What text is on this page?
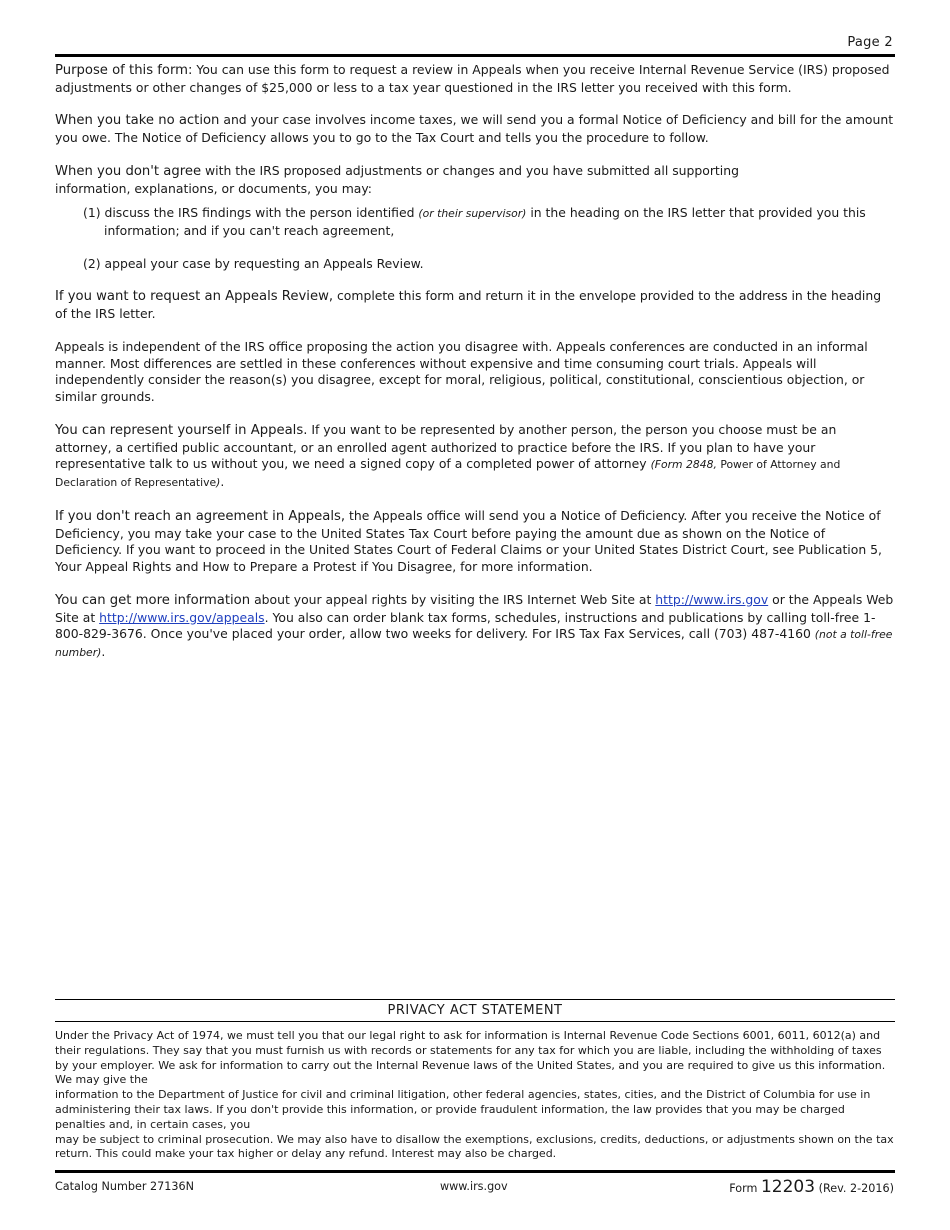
Page 2

Purpose of this form: You can use this form to request a review in Appeals when you receive Internal Revenue Service (IRS) proposed adjustments or other changes of $25,000 or less to a tax year questioned in the IRS letter you received with this form.

When you take no action and your case involves income taxes, we will send you a formal Notice of Deficiency and bill for the amount you owe. The Notice of Deficiency allows you to go to the Tax Court and tells you the procedure to follow.

When you don't agree with the IRS proposed adjustments or changes and you have submitted all supporting
information, explanations, or documents, you may:

(1) discuss the IRS findings with the person identified (or their supervisor) in the heading on the IRS letter that provided you this information; and if you can't reach agreement,

(2) appeal your case by requesting an Appeals Review.

If you want to request an Appeals Review, complete this form and return it in the envelope provided to the address in the heading of the IRS letter.

Appeals is independent of the IRS office proposing the action you disagree with. Appeals conferences are conducted in an informal manner. Most differences are settled in these conferences without expensive and time consuming court trials. Appeals will independently consider the reason(s) you disagree, except for moral, religious, political, constitutional, conscientious objection, or similar grounds.

You can represent yourself in Appeals. If you want to be represented by another person, the person you choose must be an attorney, a certified public accountant, or an enrolled agent authorized to practice before the IRS. If you plan to have your representative talk to us without you, we need a signed copy of a completed power of attorney (Form 2848, Power of Attorney and Declaration of Representative).

If you don't reach an agreement in Appeals, the Appeals office will send you a Notice of Deficiency. After you receive the Notice of Deficiency, you may take your case to the United States Tax Court before paying the amount due as shown on the Notice of Deficiency. If you want to proceed in the United States Court of Federal Claims or your United States District Court, see Publication 5, Your Appeal Rights and How to Prepare a Protest if You Disagree, for more information.

You can get more information about your appeal rights by visiting the IRS Internet Web Site at http://www.irs.gov or the Appeals Web Site at http://www.irs.gov/appeals. You also can order blank tax forms, schedules, instructions and publications by calling toll-free 1-800-829-3676. Once you've placed your order, allow two weeks for delivery. For IRS Tax Fax Services, call (703) 487-4160 (not a toll-free number).

PRIVACY ACT STATEMENT
Under the Privacy Act of 1974, we must tell you that our legal right to ask for information is Internal Revenue Code Sections 6001, 6011, 6012(a) and their regulations. They say that you must furnish us with records or statements for any tax for which you are liable, including the withholding of taxes by your employer. We ask for information to carry out the Internal Revenue laws of the United States, and you are required to give us this information. We may give the
information to the Department of Justice for civil and criminal litigation, other federal agencies, states, cities, and the District of Columbia for use in administering their tax laws. If you don't provide this information, or provide fraudulent information, the law provides that you may be charged penalties and, in certain cases, you
may be subject to criminal prosecution. We may also have to disallow the exemptions, exclusions, credits, deductions, or adjustments shown on the tax return. This could make your tax higher or delay any refund. Interest may also be charged.
Catalog Number 27136N	www.irs.gov	Form 12203 (Rev. 2-2016)
